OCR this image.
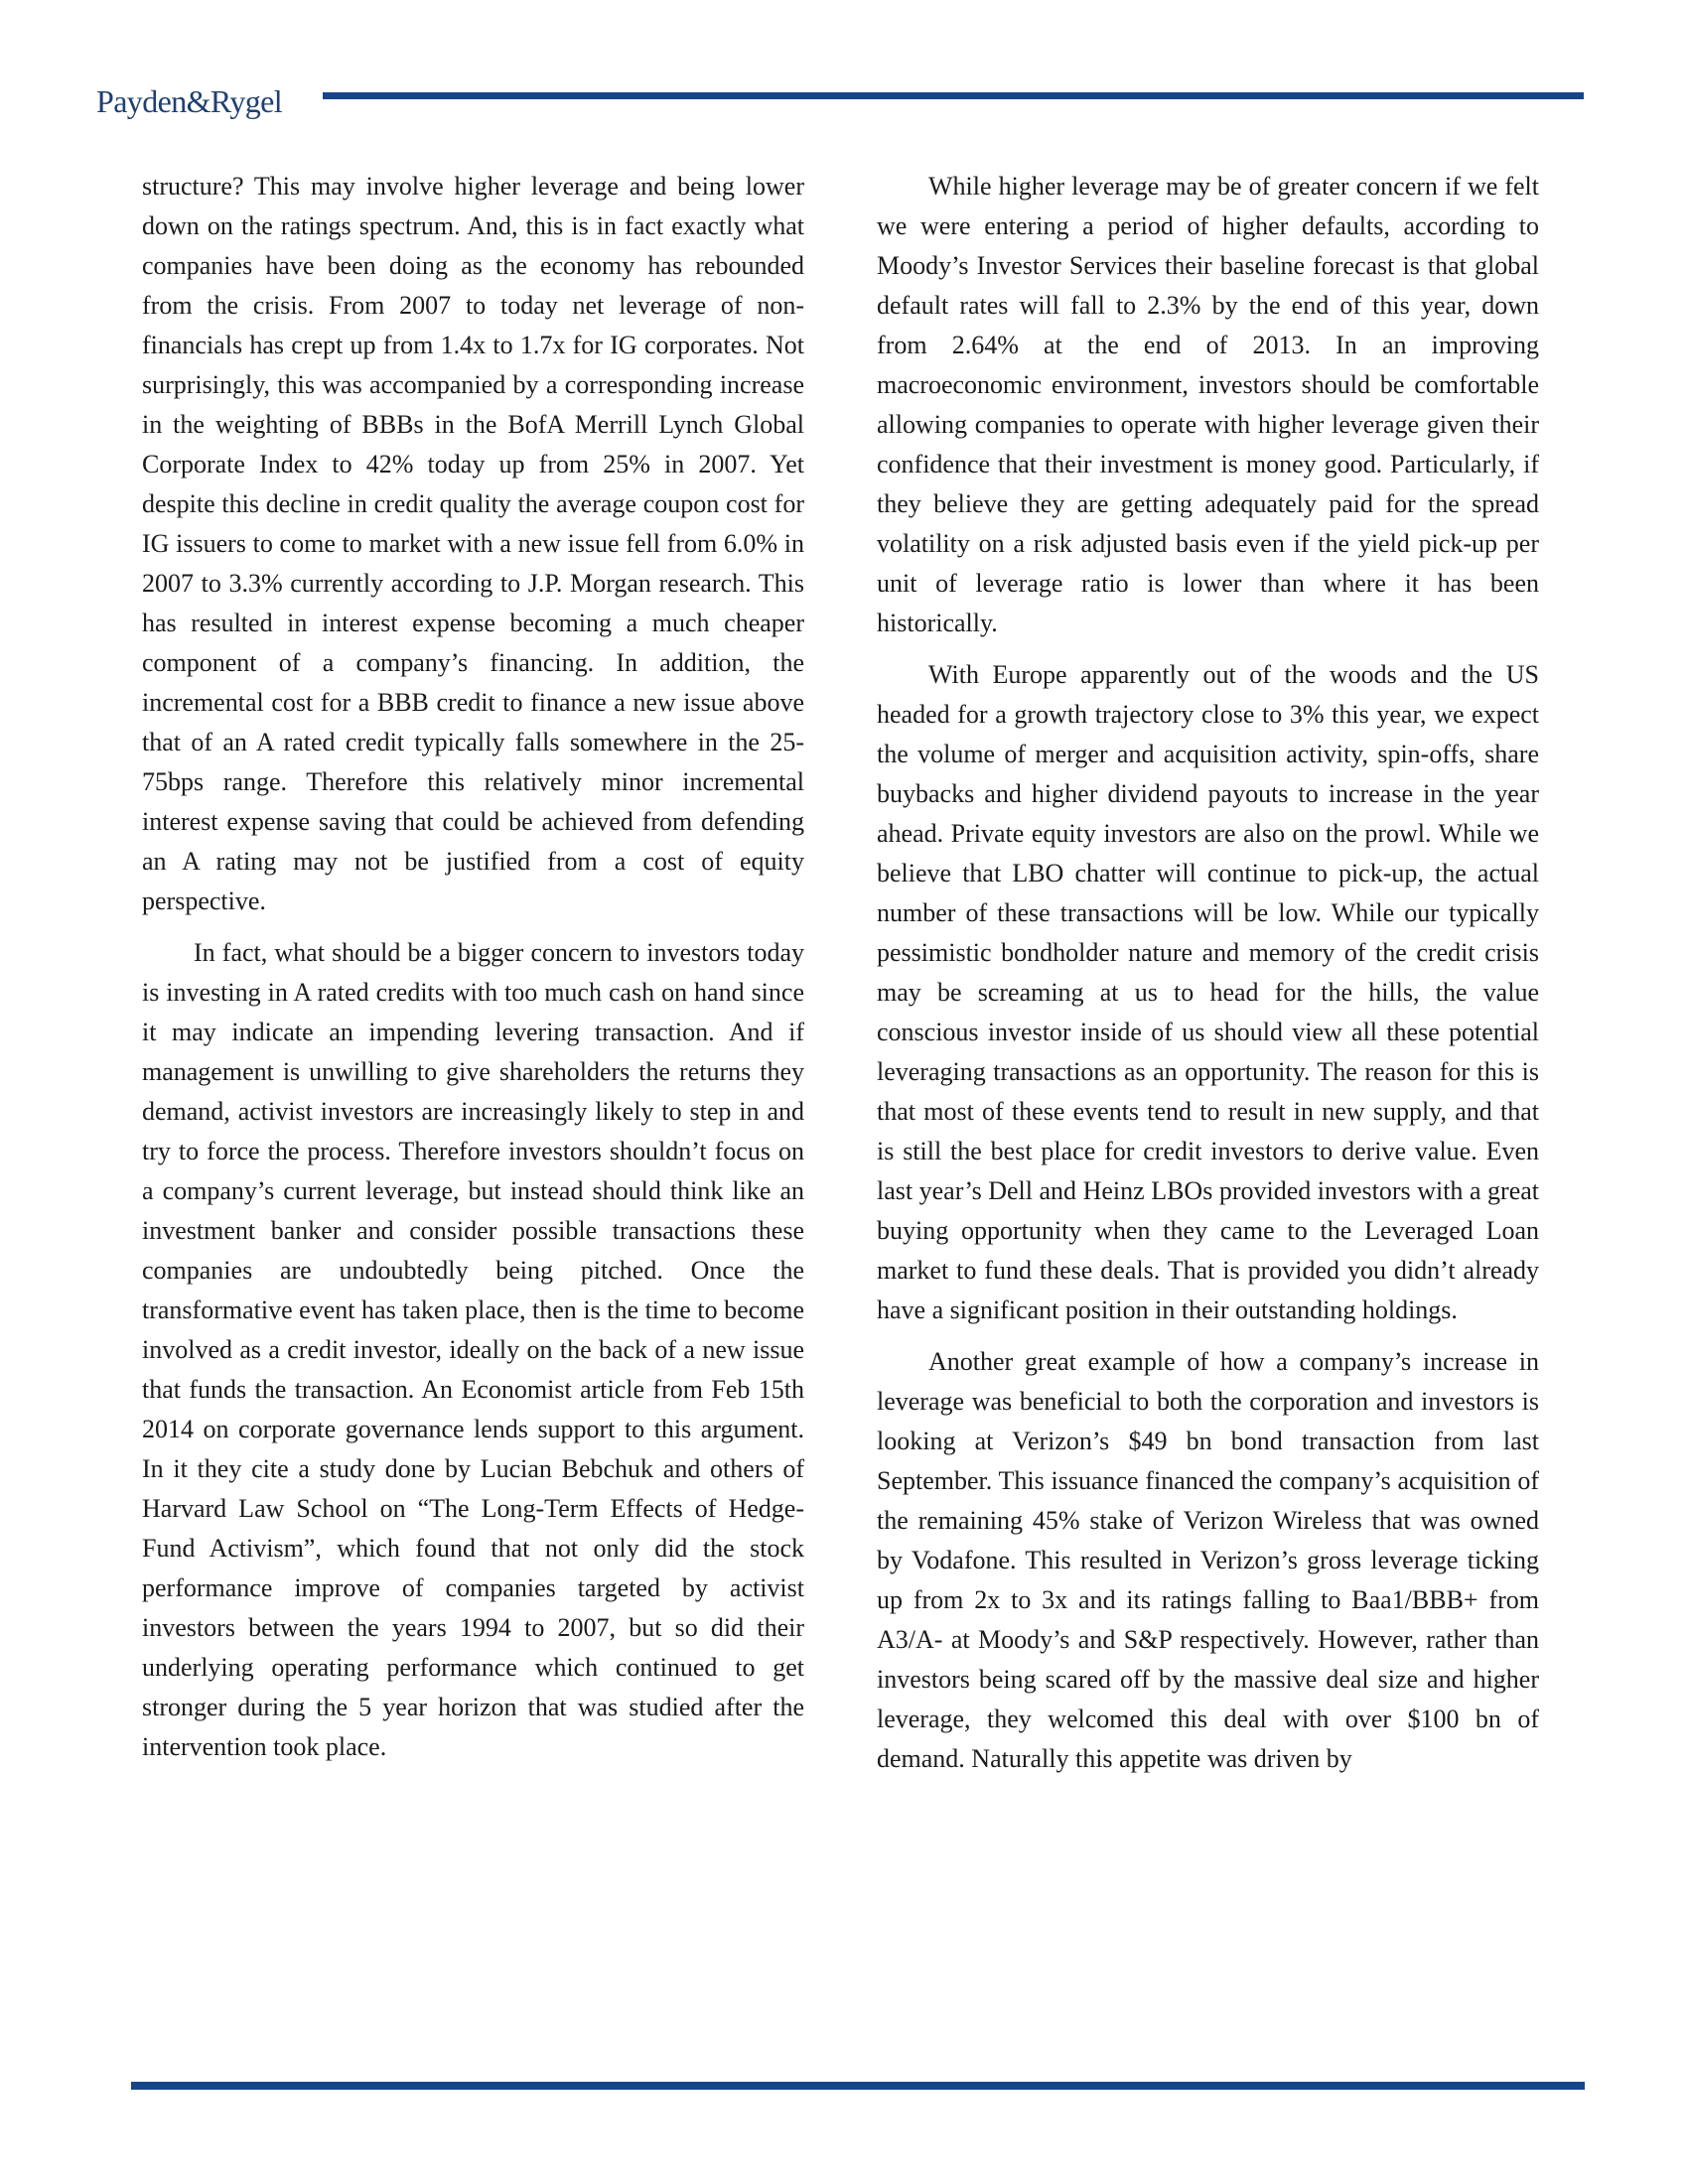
Payden&Rygel

structure? This may involve higher leverage and being lower down on the ratings spectrum. And, this is in fact exactly what companies have been doing as the economy has rebounded from the crisis. From 2007 to today net leverage of non-financials has crept up from 1.4x to 1.7x for IG corporates. Not surprisingly, this was accompanied by a corresponding increase in the weighting of BBBs in the BofA Merrill Lynch Global Corporate Index to 42% today up from 25% in 2007. Yet despite this decline in credit quality the average coupon cost for IG issuers to come to market with a new issue fell from 6.0% in 2007 to 3.3% currently according to J.P. Morgan research. This has resulted in interest expense becoming a much cheaper component of a company’s financing. In addition, the incremental cost for a BBB credit to finance a new issue above that of an A rated credit typically falls somewhere in the 25-75bps range. Therefore this relatively minor incremental interest expense saving that could be achieved from defending an A rating may not be justified from a cost of equity perspective.

In fact, what should be a bigger concern to investors today is investing in A rated credits with too much cash on hand since it may indicate an impending levering transaction. And if management is unwilling to give shareholders the returns they demand, activist investors are increasingly likely to step in and try to force the process. Therefore investors shouldn’t focus on a company’s current leverage, but instead should think like an investment banker and consider possible transactions these companies are undoubtedly being pitched. Once the transformative event has taken place, then is the time to become involved as a credit investor, ideally on the back of a new issue that funds the transaction. An Economist article from Feb 15th 2014 on corporate governance lends support to this argument. In it they cite a study done by Lucian Bebchuk and others of Harvard Law School on “The Long-Term Effects of Hedge-Fund Activism”, which found that not only did the stock performance improve of companies targeted by activist investors between the years 1994 to 2007, but so did their underlying operating performance which continued to get stronger during the 5 year horizon that was studied after the intervention took place.

While higher leverage may be of greater concern if we felt we were entering a period of higher defaults, according to Moody’s Investor Services their baseline forecast is that global default rates will fall to 2.3% by the end of this year, down from 2.64% at the end of 2013. In an improving macroeconomic environment, investors should be comfortable allowing companies to operate with higher leverage given their confidence that their investment is money good. Particularly, if they believe they are getting adequately paid for the spread volatility on a risk adjusted basis even if the yield pick-up per unit of leverage ratio is lower than where it has been historically.

With Europe apparently out of the woods and the US headed for a growth trajectory close to 3% this year, we expect the volume of merger and acquisition activity, spin-offs, share buybacks and higher dividend payouts to increase in the year ahead. Private equity investors are also on the prowl. While we believe that LBO chatter will continue to pick-up, the actual number of these transactions will be low. While our typically pessimistic bondholder nature and memory of the credit crisis may be screaming at us to head for the hills, the value conscious investor inside of us should view all these potential leveraging transactions as an opportunity. The reason for this is that most of these events tend to result in new supply, and that is still the best place for credit investors to derive value. Even last year’s Dell and Heinz LBOs provided investors with a great buying opportunity when they came to the Leveraged Loan market to fund these deals. That is provided you didn’t already have a significant position in their outstanding holdings.

Another great example of how a company’s increase in leverage was beneficial to both the corporation and investors is looking at Verizon’s $49 bn bond transaction from last September. This issuance financed the company’s acquisition of the remaining 45% stake of Verizon Wireless that was owned by Vodafone. This resulted in Verizon’s gross leverage ticking up from 2x to 3x and its ratings falling to Baa1/BBB+ from A3/A- at Moody’s and S&P respectively. However, rather than investors being scared off by the massive deal size and higher leverage, they welcomed this deal with over $100 bn of demand. Naturally this appetite was driven by
